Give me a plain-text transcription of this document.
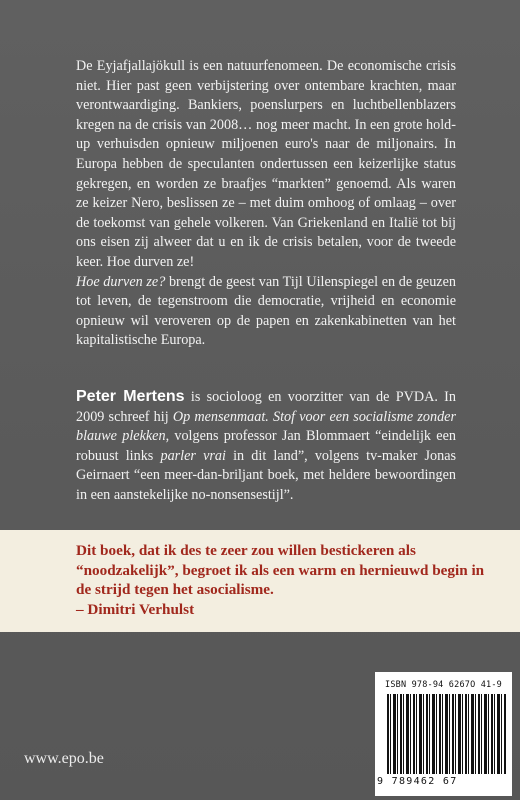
De Eyjafjallajökull is een natuurfenomeen. De economische crisis niet. Hier past geen verbijstering over ontembare krachten, maar verontwaardiging. Bankiers, poenslurpers en luchtbellenblazers kregen na de crisis van 2008… nog meer macht. In een grote hold-up verhuisden opnieuw miljoenen euro's naar de miljonairs. In Europa hebben de speculanten ondertussen een keizerlijke status gekregen, en worden ze braafjes “markten” genoemd. Als waren ze keizer Nero, beslissen ze – met duim omhoog of omlaag – over de toekomst van gehele volkeren. Van Griekenland en Italië tot bij ons eisen zij alweer dat u en ik de crisis betalen, voor de tweede keer. Hoe durven ze!
Hoe durven ze? brengt de geest van Tijl Uilenspiegel en de geuzen tot leven, de tegenstroom die democratie, vrijheid en economie opnieuw wil veroveren op de papen en zakenkabinetten van het kapitalistische Europa.

Peter Mertens is socioloog en voorzitter van de PVDA. In 2009 schreef hij Op mensenmaat. Stof voor een socialisme zonder blauwe plekken, volgens professor Jan Blommaert “eindelijk een robuust links parler vrai in dit land”, volgens tv-maker Jonas Geirnaert “een meer-dan-briljant boek, met heldere bewoordingen in een aanstekelijke no-nonsensestijl”.
Dit boek, dat ik des te zeer zou willen bestickeren als “noodzakelijk”, begroet ik als een warm en hernieuwd begin in de strijd tegen het asocialisme.
– Dimitri Verhulst
www.epo.be
ISBN 978-94 6267O 41-9
9 789462 67
